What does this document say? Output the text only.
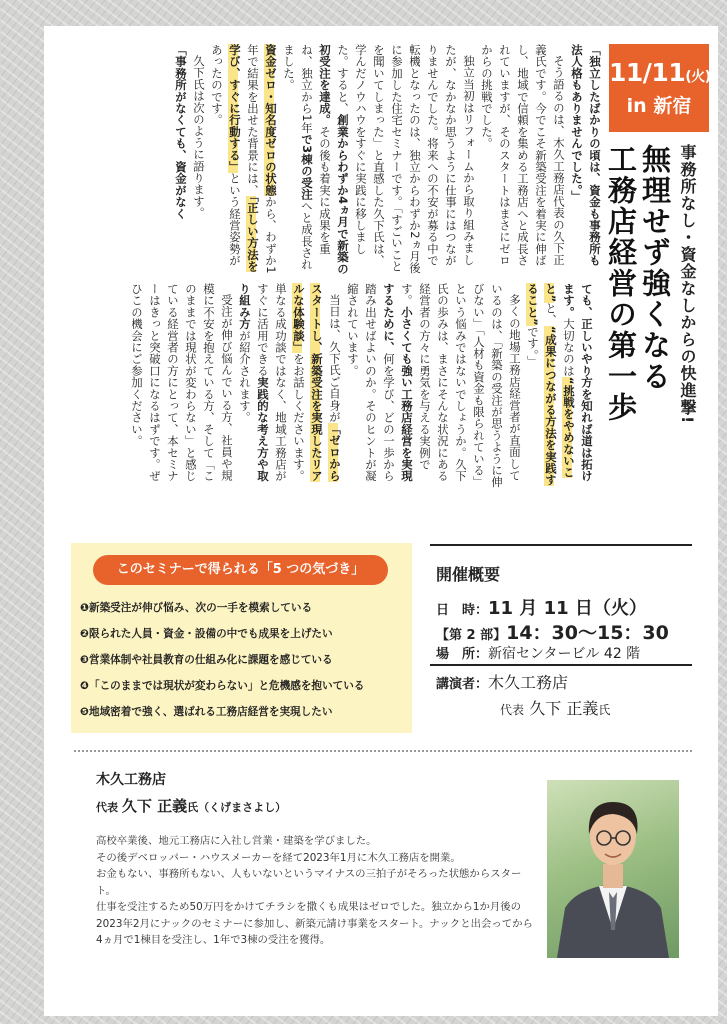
11/11(火)
in 新宿
事務所なし・資金なしからの快進撃!
無理せず強くなる
工務店経営の第一歩

「独立したばかりの頃は、資金も事務所も法人格もありませんでした。」

そう語るのは、木久工務店代表の久下正義氏です。今でこそ新築受注を着実に伸ばし、地域で信頼を集める工務店へと成長されていますが、そのスタートはまさにゼロからの挑戦でした。

独立当初はリフォームから取り組みましたが、なかなか思うように仕事にはつながりませんでした。将来への不安が募る中で転機となったのは、独立からわずか2ヵ月後に参加した住宅セミナーです。「すごいことを聞いてしまった」と直感した久下氏は、学んだノウハウをすぐに実践に移しました。すると、創業からわずか4ヵ月で新築の初受注を達成。その後も着実に成果を重ね、独立から1年で3棟の受注へと成長されました。

資金ゼロ・知名度ゼロの状態から、わずか1年で結果を出せた背景には、「正しい方法を学び、すぐに行動する」という経営姿勢があったのです。

久下氏は次のように語ります。

「事務所がなくても、資金がなく

ても、正しいやり方を知れば道は拓けます。大切なのは“挑戦をやめないこと”と、“成果につながる方法を実践すること”です。」

多くの地場工務店経営者が直面しているのは、「新築の受注が思うように伸びない」「人材も資金も限られている」という悩みではないでしょうか。久下氏の歩みは、まさにそんな状況にある経営者の方々に勇気を与える実例です。小さくても強い工務店経営を実現するために、何を学び、どの一歩から踏み出せばよいのか。そのヒントが凝縮されています。

当日は、久下氏ご自身が「ゼロからスタートし、新築受注を実現したリアルな体験談」をお話しくださいます。単なる成功談ではなく、地域工務店がすぐに活用できる実践的な考え方や取り組み方が紹介されます。

受注が伸び悩んでいる方、社員や規模に不安を抱えている方、そして「このままでは現状が変わらない」と感じている経営者の方にとって、本セミナーはきっと突破口になるはずです。ぜひこの機会にご参加ください。

このセミナーで得られる「5 つの気づき」
❶新築受注が伸び悩み、次の一手を模索している
❷限られた人員・資金・設備の中でも成果を上げたい
❸営業体制や社員教育の仕組み化に課題を感じている
❹「このままでは現状が変わらない」と危機感を抱いている
❺地域密着で強く、選ばれる工務店経営を実現したい
開催概要
日　時：11 月 11 日（火）
【第 2 部】14：30〜15：30
場　所：新宿センタービル 42 階
講演者：木久工務店
代表 久下 正義氏
木久工務店
代表 久下 正義氏（くげまさよし）

高校卒業後、地元工務店に入社し営業・建築を学びました。

その後デベロッパー・ハウスメーカーを経て2023年1月に木久工務店を開業。

お金もない、事務所もない、人もいないというマイナスの三拍子がそろった状態からスタート。

仕事を受注するため50万円をかけてチラシを撒くも成果はゼロでした。独立から1か月後の2023年2月にナックのセミナーに参加し、新築元請け事業をスタート。ナックと出会ってから4ヵ月で1棟目を受注し、1年で3棟の受注を獲得。
